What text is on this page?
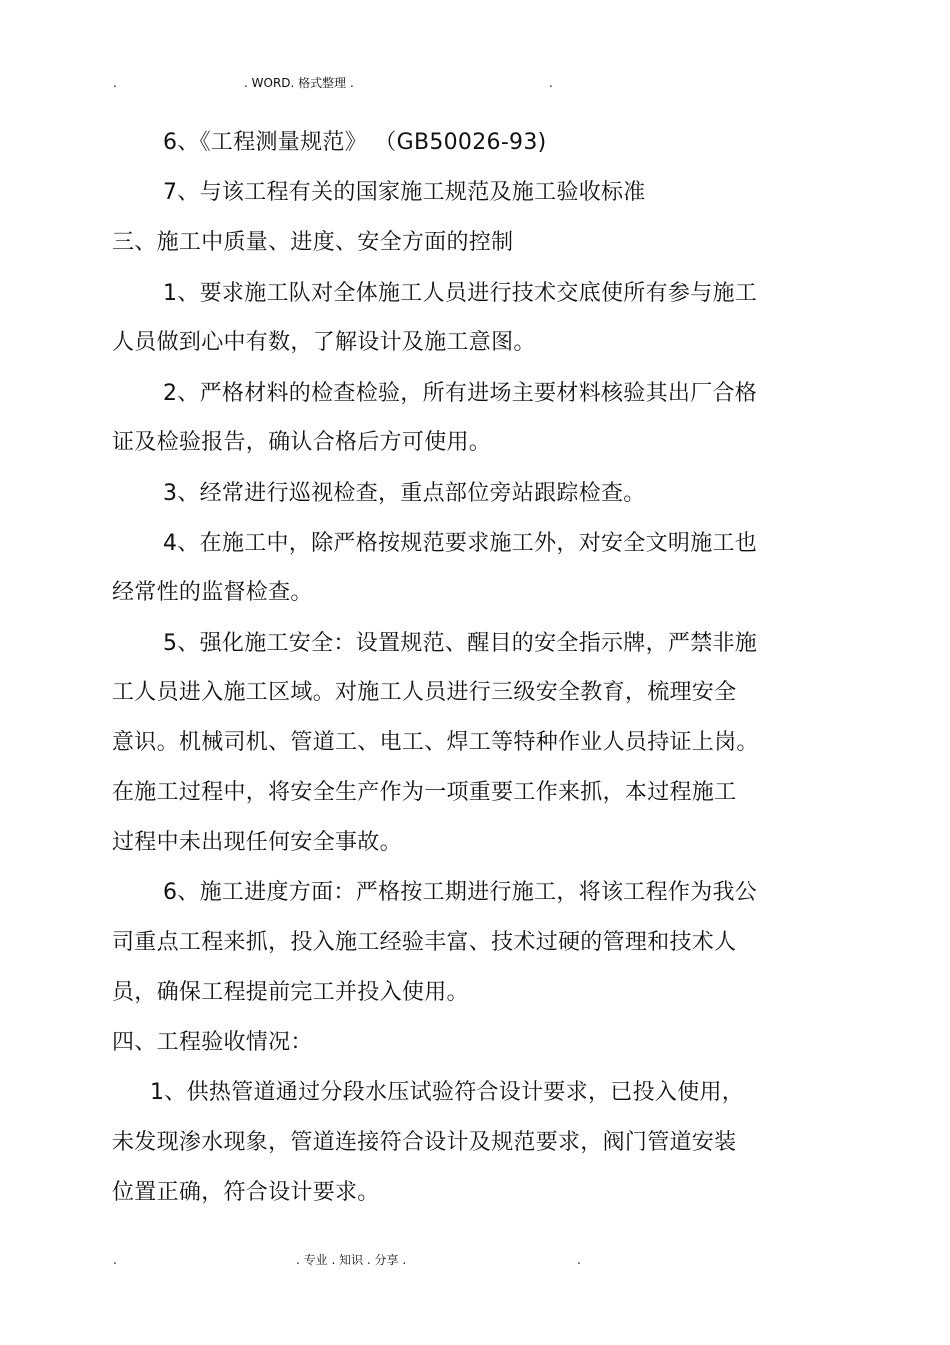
.	. WORD. 格式整理 .	.
6、《工程测量规范》 （GB50026-93)
7、与该工程有关的国家施工规范及施工验收标准
三、施工中质量、进度、安全方面的控制
1、要求施工队对全体施工人员进行技术交底使所有参与施工
人员做到心中有数，了解设计及施工意图。
2、严格材料的检查检验，所有进场主要材料核验其出厂合格
证及检验报告，确认合格后方可使用。
3、经常进行巡视检查，重点部位旁站跟踪检查。
4、在施工中，除严格按规范要求施工外，对安全文明施工也
经常性的监督检查。
5、强化施工安全：设置规范、醒目的安全指示牌，严禁非施
工人员进入施工区域。对施工人员进行三级安全教育，梳理安全
意识。机械司机、管道工、电工、焊工等特种作业人员持证上岗。
在施工过程中，将安全生产作为一项重要工作来抓，本过程施工
过程中未出现任何安全事故。
6、施工进度方面：严格按工期进行施工，将该工程作为我公
司重点工程来抓，投入施工经验丰富、技术过硬的管理和技术人
员，确保工程提前完工并投入使用。
四、工程验收情况：
1、供热管道通过分段水压试验符合设计要求，已投入使用，
未发现渗水现象，管道连接符合设计及规范要求，阀门管道安装
位置正确，符合设计要求。
.	. 专业 . 知识 . 分享 .	.
